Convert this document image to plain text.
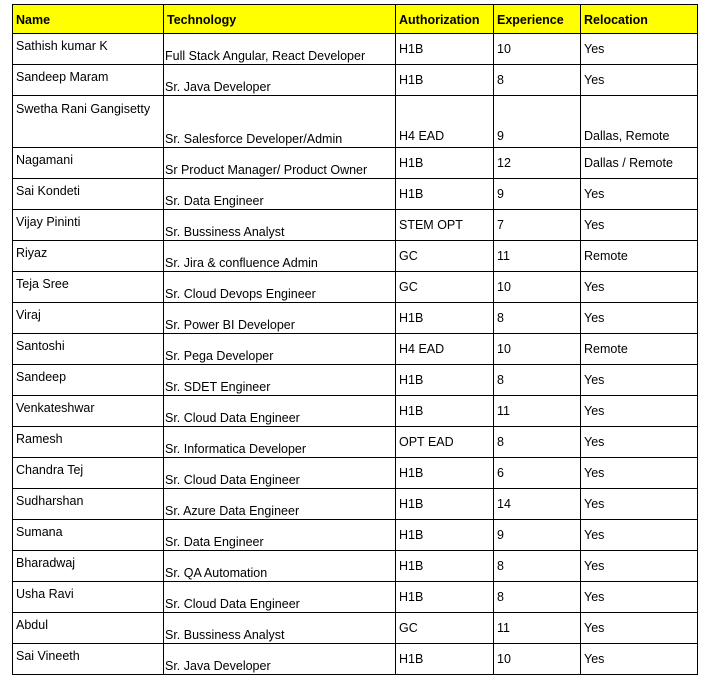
Name	Technology	Authorization	Experience	Relocation
Sathish kumar K	Full Stack Angular, React Developer	H1B	10	Yes
Sandeep Maram	Sr. Java Developer	H1B	8	Yes
Swetha Rani Gangisetty	Sr. Salesforce Developer/Admin	H4 EAD	9	Dallas, Remote
Nagamani	Sr Product Manager/ Product Owner	H1B	12	Dallas / Remote
Sai Kondeti	Sr. Data Engineer	H1B	9	Yes
Vijay Pininti	Sr. Bussiness Analyst	STEM OPT	7	Yes
Riyaz	Sr. Jira & confluence Admin	GC	11	Remote
Teja Sree	Sr. Cloud Devops Engineer	GC	10	Yes
Viraj	Sr. Power BI Developer	H1B	8	Yes
Santoshi	Sr. Pega Developer	H4 EAD	10	Remote
Sandeep	Sr. SDET Engineer	H1B	8	Yes
Venkateshwar	Sr. Cloud Data Engineer	H1B	11	Yes
Ramesh	Sr. Informatica Developer	OPT EAD	8	Yes
Chandra Tej	Sr. Cloud Data Engineer	H1B	6	Yes
Sudharshan	Sr. Azure Data Engineer	H1B	14	Yes
Sumana	Sr. Data Engineer	H1B	9	Yes
Bharadwaj	Sr. QA Automation	H1B	8	Yes
Usha Ravi	Sr. Cloud Data Engineer	H1B	8	Yes
Abdul	Sr. Bussiness Analyst	GC	11	Yes
Sai Vineeth	Sr. Java Developer	H1B	10	Yes
